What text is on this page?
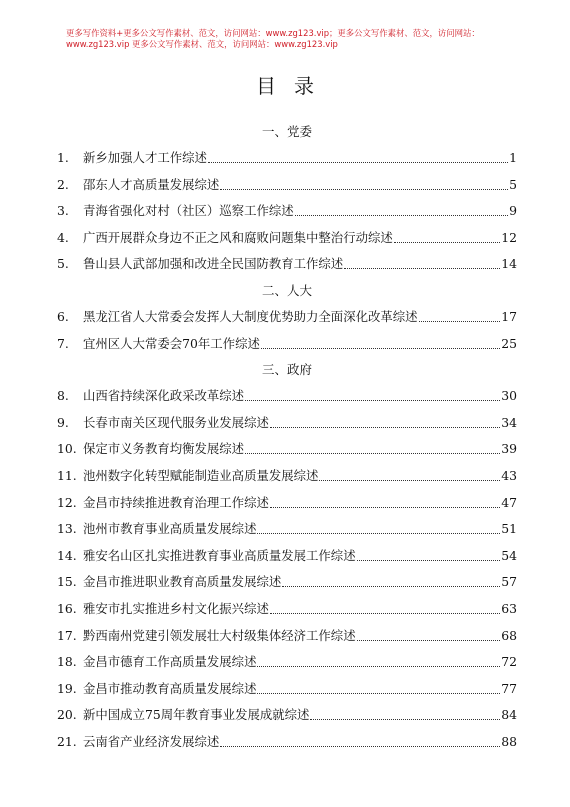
更多写作资料+更多公文写作素材、范文，访问网站：www.zg123.vip；更多公文写作素材、范文，访问网站：
www.zg123.vip 更多公文写作素材、范文，访问网站：www.zg123.vip
目录
一、党委
1.	新乡加强人才工作综述	1
2.	邵东人才高质量发展综述	5
3.	青海省强化对村（社区）巡察工作综述	9
4.	广西开展群众身边不正之风和腐败问题集中整治行动综述	12
5.	鲁山县人武部加强和改进全民国防教育工作综述	14
二、人大
6.	黑龙江省人大常委会发挥人大制度优势助力全面深化改革综述	17
7.	宜州区人大常委会70年工作综述	25
三、政府
8.	山西省持续深化政采改革综述	30
9.	长春市南关区现代服务业发展综述	34
10. 保定市义务教育均衡发展综述	39
11. 池州数字化转型赋能制造业高质量发展综述	43
12. 金昌市持续推进教育治理工作综述	47
13. 池州市教育事业高质量发展综述	51
14. 雅安名山区扎实推进教育事业高质量发展工作综述	54
15. 金昌市推进职业教育高质量发展综述	57
16. 雅安市扎实推进乡村文化振兴综述	63
17. 黔西南州党建引领发展壮大村级集体经济工作综述	68
18. 金昌市德育工作高质量发展综述	72
19. 金昌市推动教育高质量发展综述	77
20. 新中国成立75周年教育事业发展成就综述	84
21. 云南省产业经济发展综述	88
